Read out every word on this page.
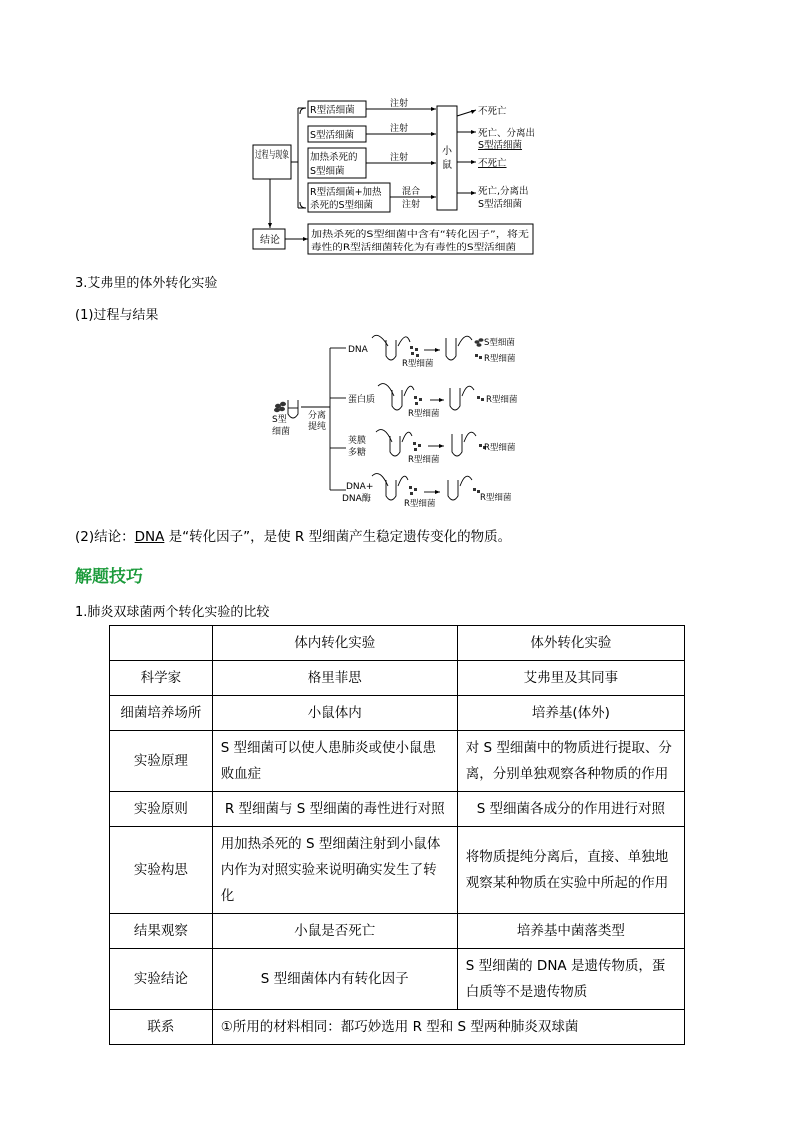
过程与现象
结论
R型活细菌
S型活细菌
加热杀死的
S型细菌
R型活细菌+加热
杀死的S型细菌
注射
注射
注射
混合
注射
小
鼠
不死亡
死亡、分离出
S型活细菌
不死亡
死亡,分离出
S型活细菌
加热杀死的S型细菌中含有“转化因子”，将无
毒性的R型活细菌转化为有毒性的S型活细菌
3.艾弗里的体外转化实验
(1)过程与结果
S型
细菌
分离
提纯
DNA
R型细菌
S型细菌
R型细菌
蛋白质
R型细菌
R型细菌
荚膜
多糖
R型细菌
R型细菌
DNA+
DNA酶	R型细菌
R型细菌
(2)结论：DNA 是“转化因子”，是使 R 型细菌产生稳定遗传变化的物质。
解题技巧
1.肺炎双球菌两个转化实验的比较
	体内转化实验	体外转化实验
科学家	格里菲思	艾弗里及其同事
细菌培养场所	小鼠体内	培养基(体外)
实验原理	S 型细菌可以使人患肺炎或使小鼠患败血症	对 S 型细菌中的物质进行提取、分离，分别单独观察各种物质的作用
实验原则	R 型细菌与 S 型细菌的毒性进行对照	S 型细菌各成分的作用进行对照
实验构思	用加热杀死的 S 型细菌注射到小鼠体内作为对照实验来说明确实发生了转化	将物质提纯分离后，直接、单独地观察某种物质在实验中所起的作用
结果观察	小鼠是否死亡	培养基中菌落类型
实验结论	S 型细菌体内有转化因子	S 型细菌的 DNA 是遗传物质，蛋白质等不是遗传物质
联系	①所用的材料相同：都巧妙选用 R 型和 S 型两种肺炎双球菌	
